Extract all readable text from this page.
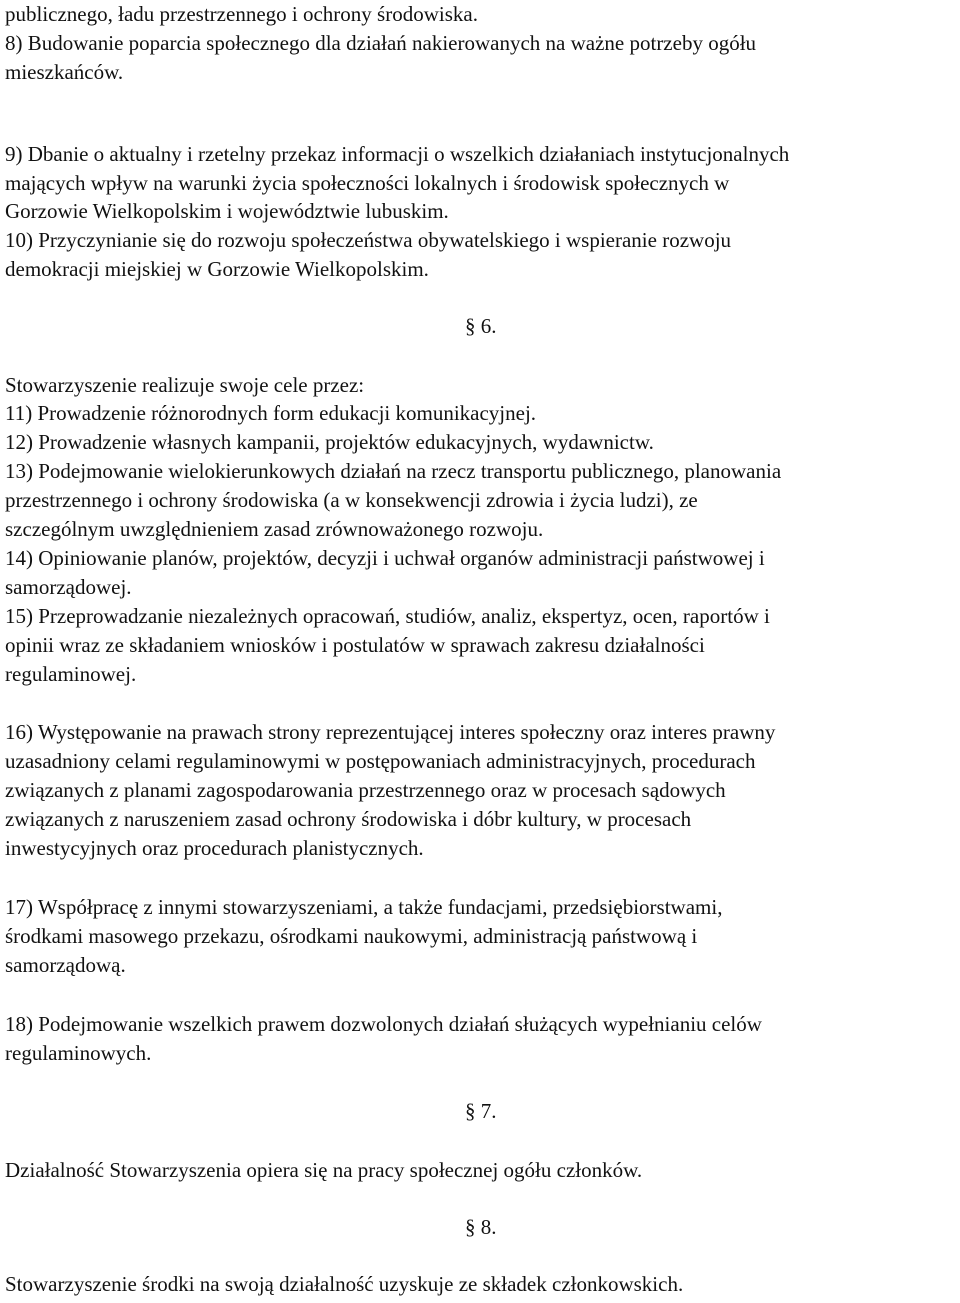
publicznego, ładu przestrzennego i ochrony środowiska.
8) Budowanie poparcia społecznego dla działań nakierowanych na ważne potrzeby ogółu
mieszkańców.
9) Dbanie o aktualny i rzetelny przekaz informacji o wszelkich działaniach instytucjonalnych
mających wpływ na warunki życia społeczności lokalnych i środowisk społecznych w
Gorzowie Wielkopolskim i województwie lubuskim.
10) Przyczynianie się do rozwoju społeczeństwa obywatelskiego i wspieranie rozwoju
demokracji miejskiej w Gorzowie Wielkopolskim.
§ 6.
Stowarzyszenie realizuje swoje cele przez:
11) Prowadzenie różnorodnych form edukacji komunikacyjnej.
12) Prowadzenie własnych kampanii, projektów edukacyjnych, wydawnictw.
13) Podejmowanie wielokierunkowych działań na rzecz transportu publicznego, planowania
przestrzennego i ochrony środowiska (a w konsekwencji zdrowia i życia ludzi), ze
szczególnym uwzględnieniem zasad zrównoważonego rozwoju.
14) Opiniowanie planów, projektów, decyzji i uchwał organów administracji państwowej i
samorządowej.
15) Przeprowadzanie niezależnych opracowań, studiów, analiz, ekspertyz, ocen, raportów i
opinii wraz ze składaniem wniosków i postulatów w sprawach zakresu działalności
regulaminowej.
16) Występowanie na prawach strony reprezentującej interes społeczny oraz interes prawny
uzasadniony celami regulaminowymi w postępowaniach administracyjnych, procedurach
związanych z planami zagospodarowania przestrzennego oraz w procesach sądowych
związanych z naruszeniem zasad ochrony środowiska i dóbr kultury, w procesach
inwestycyjnych oraz procedurach planistycznych.
17) Współpracę z innymi stowarzyszeniami, a także fundacjami, przedsiębiorstwami,
środkami masowego przekazu, ośrodkami naukowymi, administracją państwową i
samorządową.
18) Podejmowanie wszelkich prawem dozwolonych działań służących wypełnianiu celów
regulaminowych.
§ 7.
Działalność Stowarzyszenia opiera się na pracy społecznej ogółu członków.
§ 8.
Stowarzyszenie środki na swoją działalność uzyskuje ze składek członkowskich.
